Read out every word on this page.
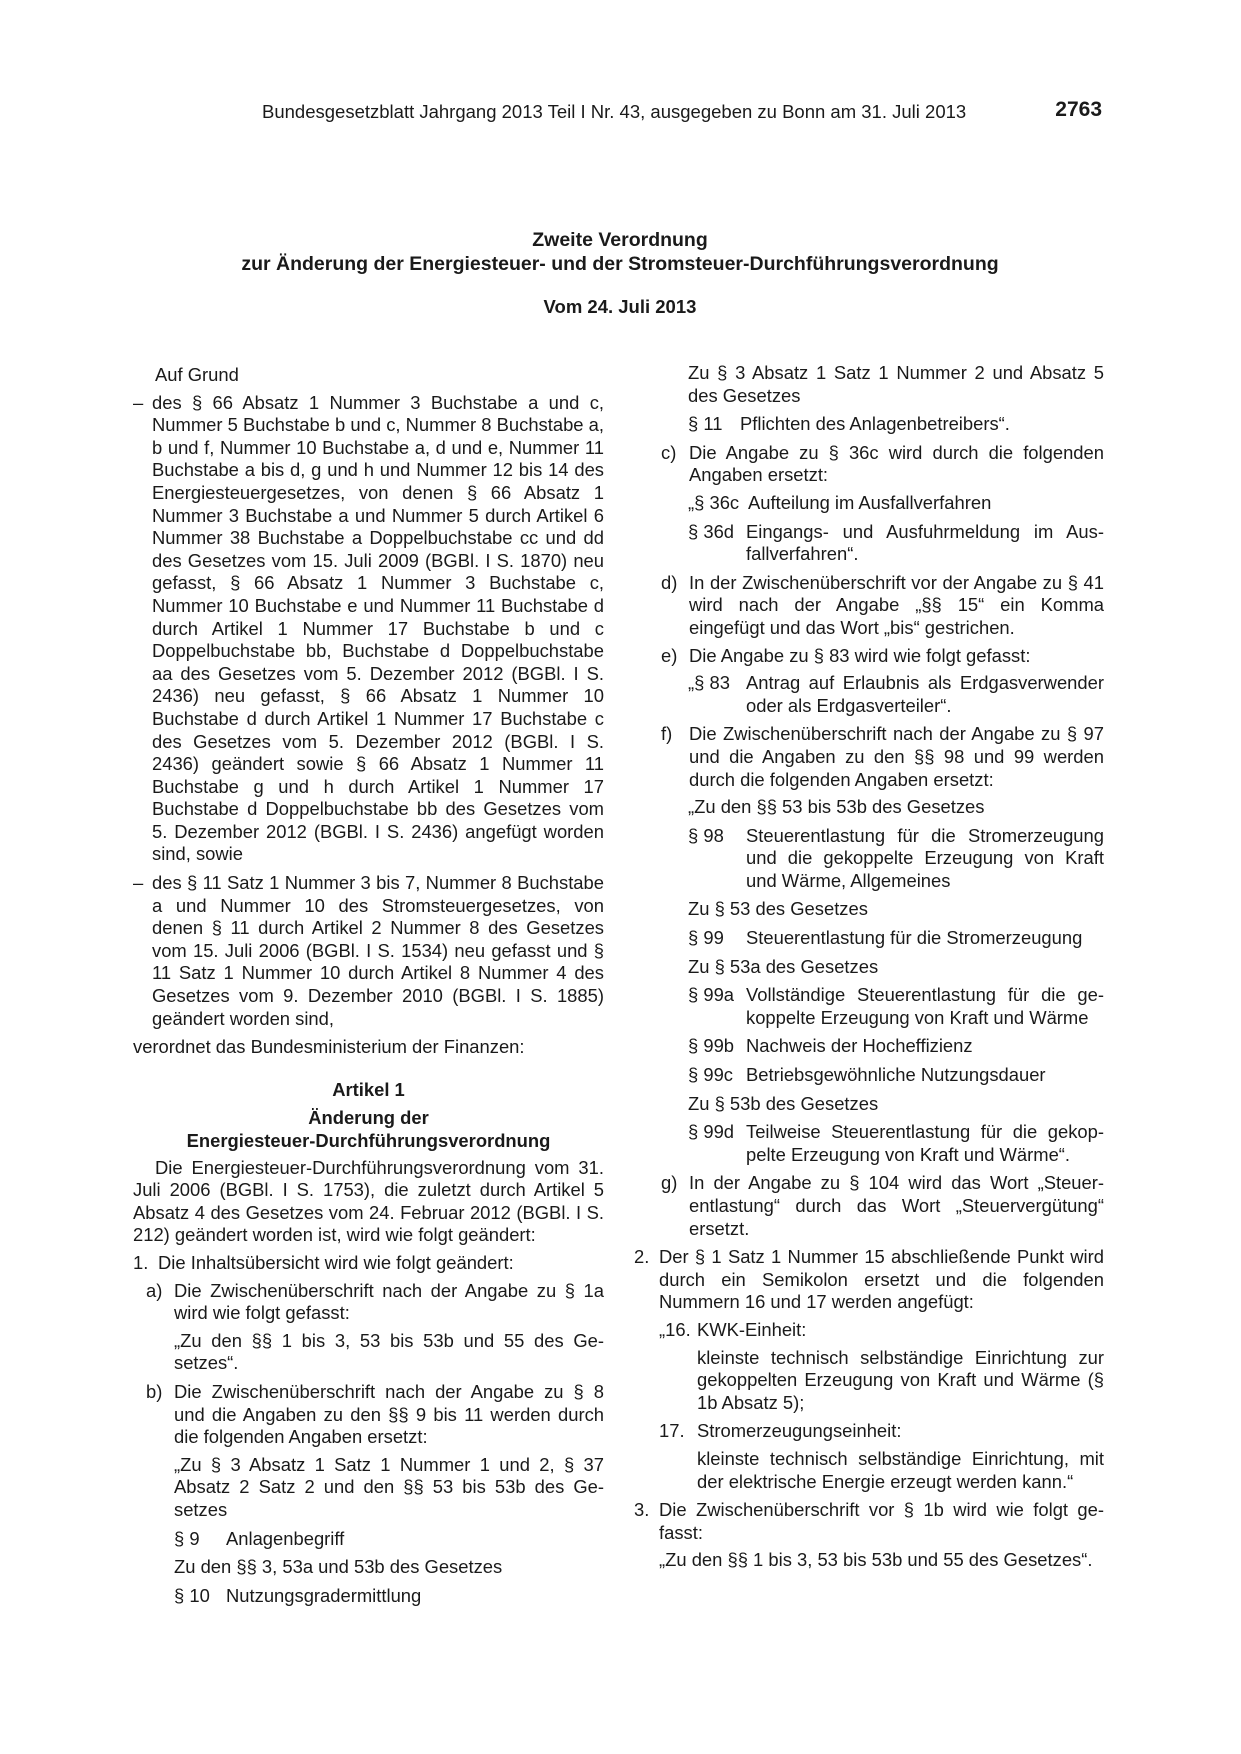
Bundesgesetzblatt Jahrgang 2013 Teil I Nr. 43, ausgegeben zu Bonn am 31. Juli 2013	2763
Zweite Verordnung
zur Änderung der Energiesteuer- und der Stromsteuer-Durchführungsverordnung
Vom 24. Juli 2013

Auf Grund

– des § 66 Absatz 1 Nummer 3 Buchstabe a und c, Nummer 5 Buchstabe b und c, Nummer 8 Buchstabe a, b und f, Nummer 10 Buchstabe a, d und e, Nummer 11 Buchstabe a bis d, g und h und Nummer 12 bis 14 des Energiesteuergesetzes, von denen § 66 Absatz 1 Nummer 3 Buchstabe a und Nummer 5 durch Artikel 6 Nummer 38 Buchstabe a Doppelbuchstabe cc und dd des Gesetzes vom 15. Juli 2009 (BGBl. I S. 1870) neu gefasst, § 66 Absatz 1 Nummer 3 Buchstabe c, Nummer 10 Buchstabe e und Nummer 11 Buchstabe d durch Artikel 1 Nummer 17 Buchstabe b und c Doppelbuchstabe bb, Buchstabe d Doppelbuchstabe aa des Gesetzes vom 5. Dezember 2012 (BGBl. I S. 2436) neu gefasst, § 66 Absatz 1 Nummer 10 Buchstabe d durch Artikel 1 Nummer 17 Buchstabe c des Gesetzes vom 5. Dezember 2012 (BGBl. I S. 2436) geändert sowie § 66 Absatz 1 Nummer 11 Buchstabe g und h durch Artikel 1 Nummer 17 Buchstabe d Doppelbuchstabe bb des Gesetzes vom 5. Dezember 2012 (BGBl. I S. 2436) angefügt worden sind, sowie

– des § 11 Satz 1 Nummer 3 bis 7, Nummer 8 Buchstabe a und Nummer 10 des Stromsteuergesetzes, von denen § 11 durch Artikel 2 Nummer 8 des Gesetzes vom 15. Juli 2006 (BGBl. I S. 1534) neu gefasst und § 11 Satz 1 Nummer 10 durch Artikel 8 Nummer 4 des Gesetzes vom 9. Dezember 2010 (BGBl. I S. 1885) geändert worden sind,

verordnet das Bundesministerium der Finanzen:

Artikel 1

Änderung der

Energiesteuer-Durchführungsverordnung

Die Energiesteuer-Durchführungsverordnung vom 31. Juli 2006 (BGBl. I S. 1753), die zuletzt durch Artikel 5 Absatz 4 des Gesetzes vom 24. Februar 2012 (BGBl. I S. 212) geändert worden ist, wird wie folgt geändert:

1. Die Inhaltsübersicht wird wie folgt geändert:

a) Die Zwischenüberschrift nach der Angabe zu § 1a wird wie folgt gefasst:

„Zu den §§ 1 bis 3, 53 bis 53b und 55 des Gesetzes“.

b) Die Zwischenüberschrift nach der Angabe zu § 8 und die Angaben zu den §§ 9 bis 11 werden durch die folgenden Angaben ersetzt:

„Zu § 3 Absatz 1 Satz 1 Nummer 1 und 2, § 37 Absatz 2 Satz 2 und den §§ 53 bis 53b des Gesetzes

§ 9	Anlagenbegriff

Zu den §§ 3, 53a und 53b des Gesetzes

§ 10 Nutzungsgradermittlung

Zu § 3 Absatz 1 Satz 1 Nummer 2 und Absatz 5 des Gesetzes

§ 11 Pflichten des Anlagenbetreibers“.
c) Die Angabe zu § 36c wird durch die folgenden Angaben ersetzt:

„§ 36c Aufteilung im Ausfallverfahren
§ 36d Eingangs- und Ausfuhrmeldung im Ausfallverfahren“.
d) In der Zwischenüberschrift vor der Angabe zu § 41 wird nach der Angabe „§§ 15“ ein Komma eingefügt und das Wort „bis“ gestrichen.

e) Die Angabe zu § 83 wird wie folgt gefasst:

„§ 83 Antrag auf Erlaubnis als Erdgasverwender oder als Erdgasverteiler“.
f) Die Zwischenüberschrift nach der Angabe zu § 97 und die Angaben zu den §§ 98 und 99 werden durch die folgenden Angaben ersetzt:

„Zu den §§ 53 bis 53b des Gesetzes

§ 98	Steuerentlastung für die Stromerzeugung und die gekoppelte Erzeugung von Kraft und Wärme, Allgemeines

Zu § 53 des Gesetzes

§ 99	Steuerentlastung für die Stromerzeugung

Zu § 53a des Gesetzes

§ 99a Vollständige Steuerentlastung für die gekoppelte Erzeugung von Kraft und Wärme
§ 99b Nachweis der Hocheffizienz
§ 99c Betriebsgewöhnliche Nutzungsdauer

Zu § 53b des Gesetzes

§ 99d Teilweise Steuerentlastung für die gekoppelte Erzeugung von Kraft und Wärme“.
g) In der Angabe zu § 104 wird das Wort „Steuerentlastung“ durch das Wort „Steuervergütung“ ersetzt.

2. Der § 1 Satz 1 Nummer 15 abschließende Punkt wird durch ein Semikolon ersetzt und die folgenden Nummern 16 und 17 werden angefügt:

„16. KWK-Einheit:

kleinste technisch selbständige Einrichtung zur gekoppelten Erzeugung von Kraft und Wärme (§ 1b Absatz 5);

17. Stromerzeugungseinheit:

kleinste technisch selbständige Einrichtung, mit der elektrische Energie erzeugt werden kann.“

3. Die Zwischenüberschrift vor § 1b wird wie folgt gefasst:

„Zu den §§ 1 bis 3, 53 bis 53b und 55 des Gesetzes“.
